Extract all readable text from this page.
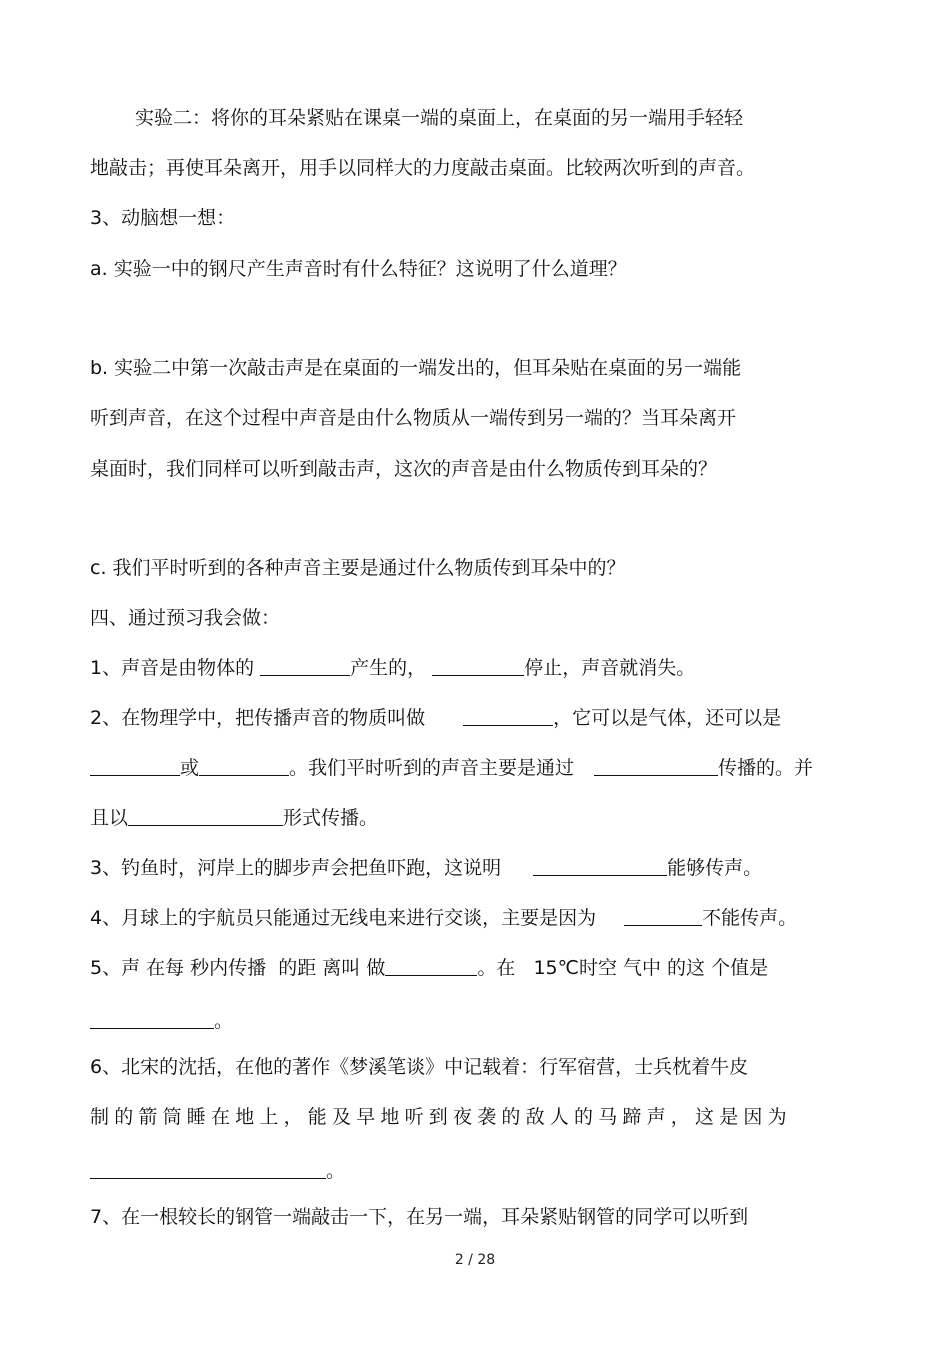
实验二：将你的耳朵紧贴在课桌一端的桌面上，在桌面的另一端用手轻轻
地敲击；再使耳朵离开，用手以同样大的力度敲击桌面。比较两次听到的声音。
3、动脑想一想：
a. 实验一中的钢尺产生声音时有什么特征？这说明了什么道理？
b. 实验二中第一次敲击声是在桌面的一端发出的，但耳朵贴在桌面的另一端能
听到声音，在这个过程中声音是由什么物质从一端传到另一端的？当耳朵离开
桌面时，我们同样可以听到敲击声，这次的声音是由什么物质传到耳朵的？
c. 我们平时听到的各种声音主要是通过什么物质传到耳朵中的？
四、通过预习我会做：
1、声音是由物体的	产生的，	停止，声音就消失。
2、在物理学中，把传播声音的物质叫做	，它可以是气体，还可以是
或	。我们平时听到的声音主要是通过	传播的。并
且以	形式传播。
3、钓鱼时，河岸上的脚步声会把鱼吓跑，这说明	能够传声。
4、月球上的宇航员只能通过无线电来进行交谈，主要是因为	不能传声。
5、声 在每 秒内传播  的距 离叫 做	。在   15℃时空 气中 的这 个值是
。
6、北宋的沈括，在他的著作《梦溪笔谈》中记载着：行军宿营，士兵枕着牛皮
制的箭筒睡在地上，能及早地听到夜袭的敌人的马蹄声，这是因为
。
7、在一根较长的钢管一端敲击一下，在另一端，耳朵紧贴钢管的同学可以听到
2 / 28
